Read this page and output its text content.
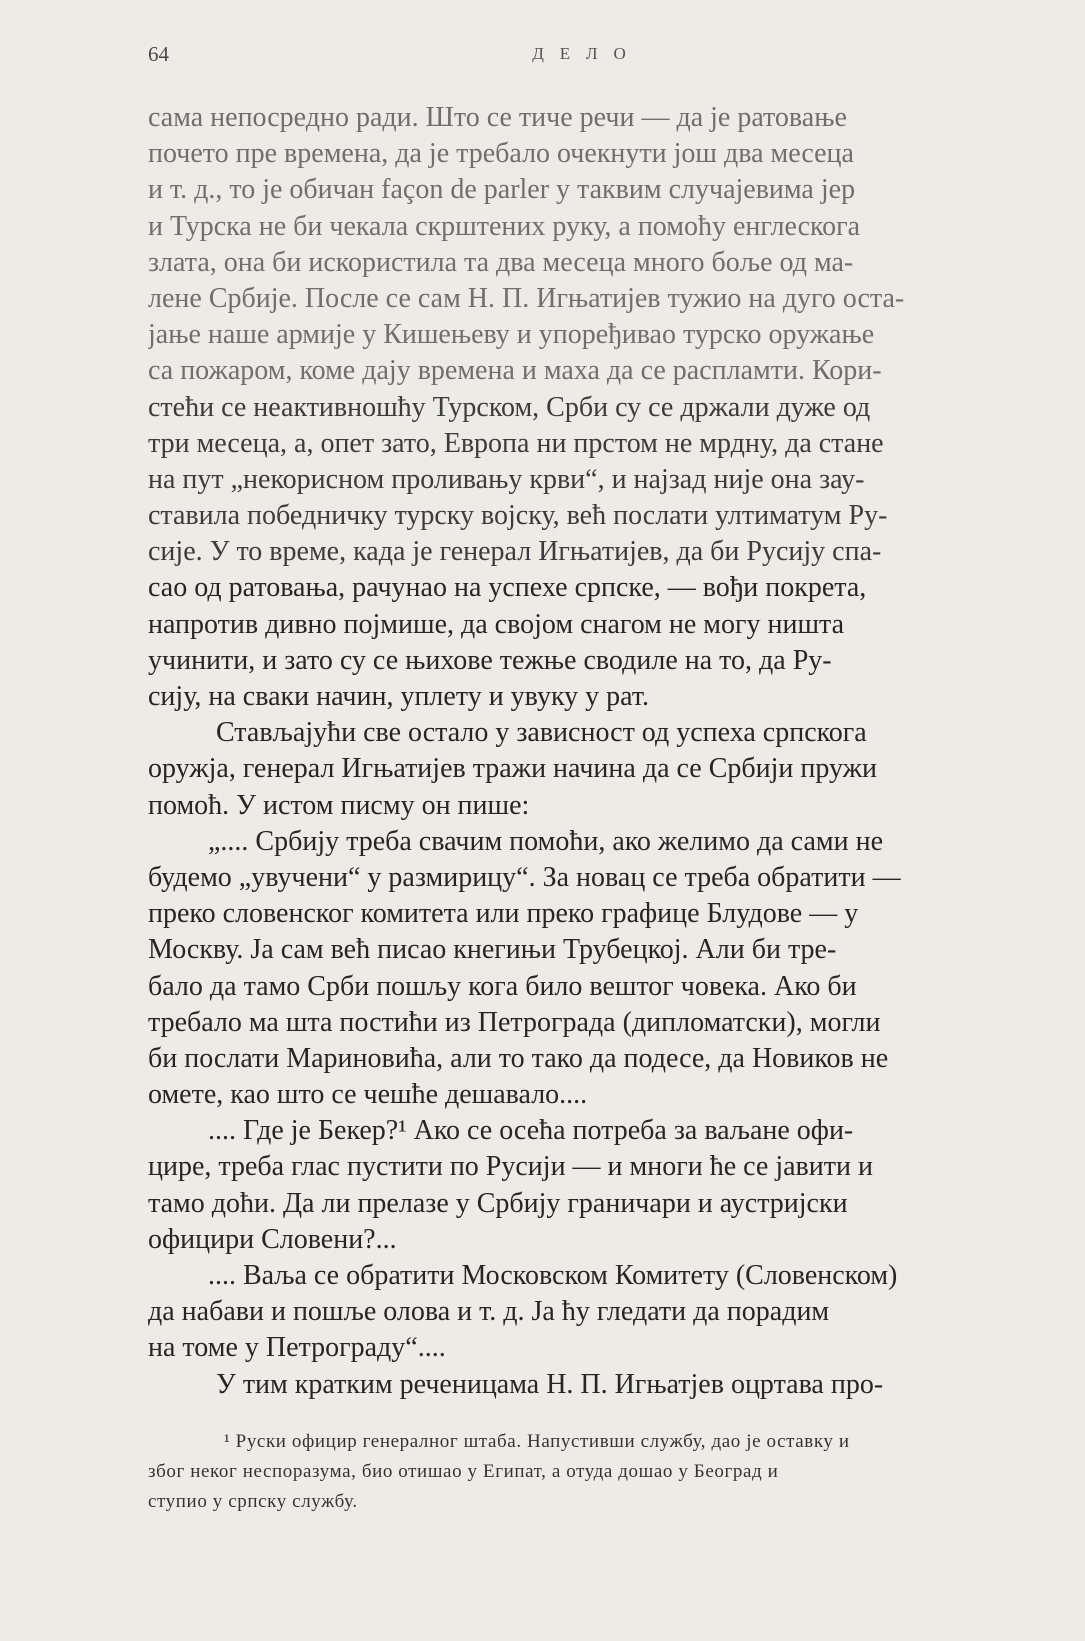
64	ДЕЛО
сама непосредно ради. Што се тиче речи — да је ратовање
почето пре времена, да је требало очекнути још два месеца
и т. д., то је обичан fаçon de parler у таквим случајевима јер
и Турска не би чекала скрштених руку, а помоћу енглескога
злата, она би искористила та два месеца много боље од ма-
лене Србије. После се сам Н. П. Игњатијев тужио на дуго оста-
јање наше армије у Кишењеву и упоређивао турско оружање
са пожаром, коме дају времена и маха да се распламти. Кори-
стећи се неактивношћу Турском, Срби су се држали дуже од
три месеца, а, опет зато, Европа ни прстом не мрдну, да стане
на пут „некорисном проливању крви“, и најзад није она зау-
ставила победничку турску војску, већ послати ултиматум Ру-
сије. У то време, када је генерал Игњатијев, да би Русију спа-
сао од ратовања, рачунао на успехе српске, — вођи покрета,
напротив дивно појмише, да својом снагом не могу ништа
учинити, и зато су се њихове тежње сводиле на то, да Ру-
сију, на сваки начин, уплету и увуку у рат.
Стављајући све остало у зависност од успеха српскога
оружја, генерал Игњатијев тражи начина да се Србији пружи
помоћ. У истом писму он пише:
„.... Србију треба свачим помоћи, ако желимо да сами не
будемо „увучени“ у размирицу“. За новац се треба обратити —
преко словенског комитета или преко графице Блудове — у
Москву. Ја сам већ писао кнегињи Трубецкој. Али би тре-
бало да тамо Срби пошљу кога било вештог човека. Ако би
требало ма шта постићи из Петрограда (дипломатски), могли
би послати Мариновића, али то тако да подесе, да Новиков не
омете, као што се чешће дешавало....
.... Где је Бекер?¹ Ако се осећа потреба за ваљане офи-
цире, треба глас пустити по Русији — и многи ће се јавити и
тамо доћи. Да ли прелазе у Србију граничари и аустријски
официри Словени?...
.... Ваља се обратити Московском Комитету (Словенском)
да набави и пошље олова и т. д. Ја ћу гледати да порадим
на томе у Петрограду“....
У тим кратким реченицама Н. П. Игњатјев оцртава про-
¹ Руски официр генералног штаба. Напустивши службу, дао је оставку и
због неког неспоразума, био отишао у Египат, а отуда дошао у Београд и
ступио у српску службу.
